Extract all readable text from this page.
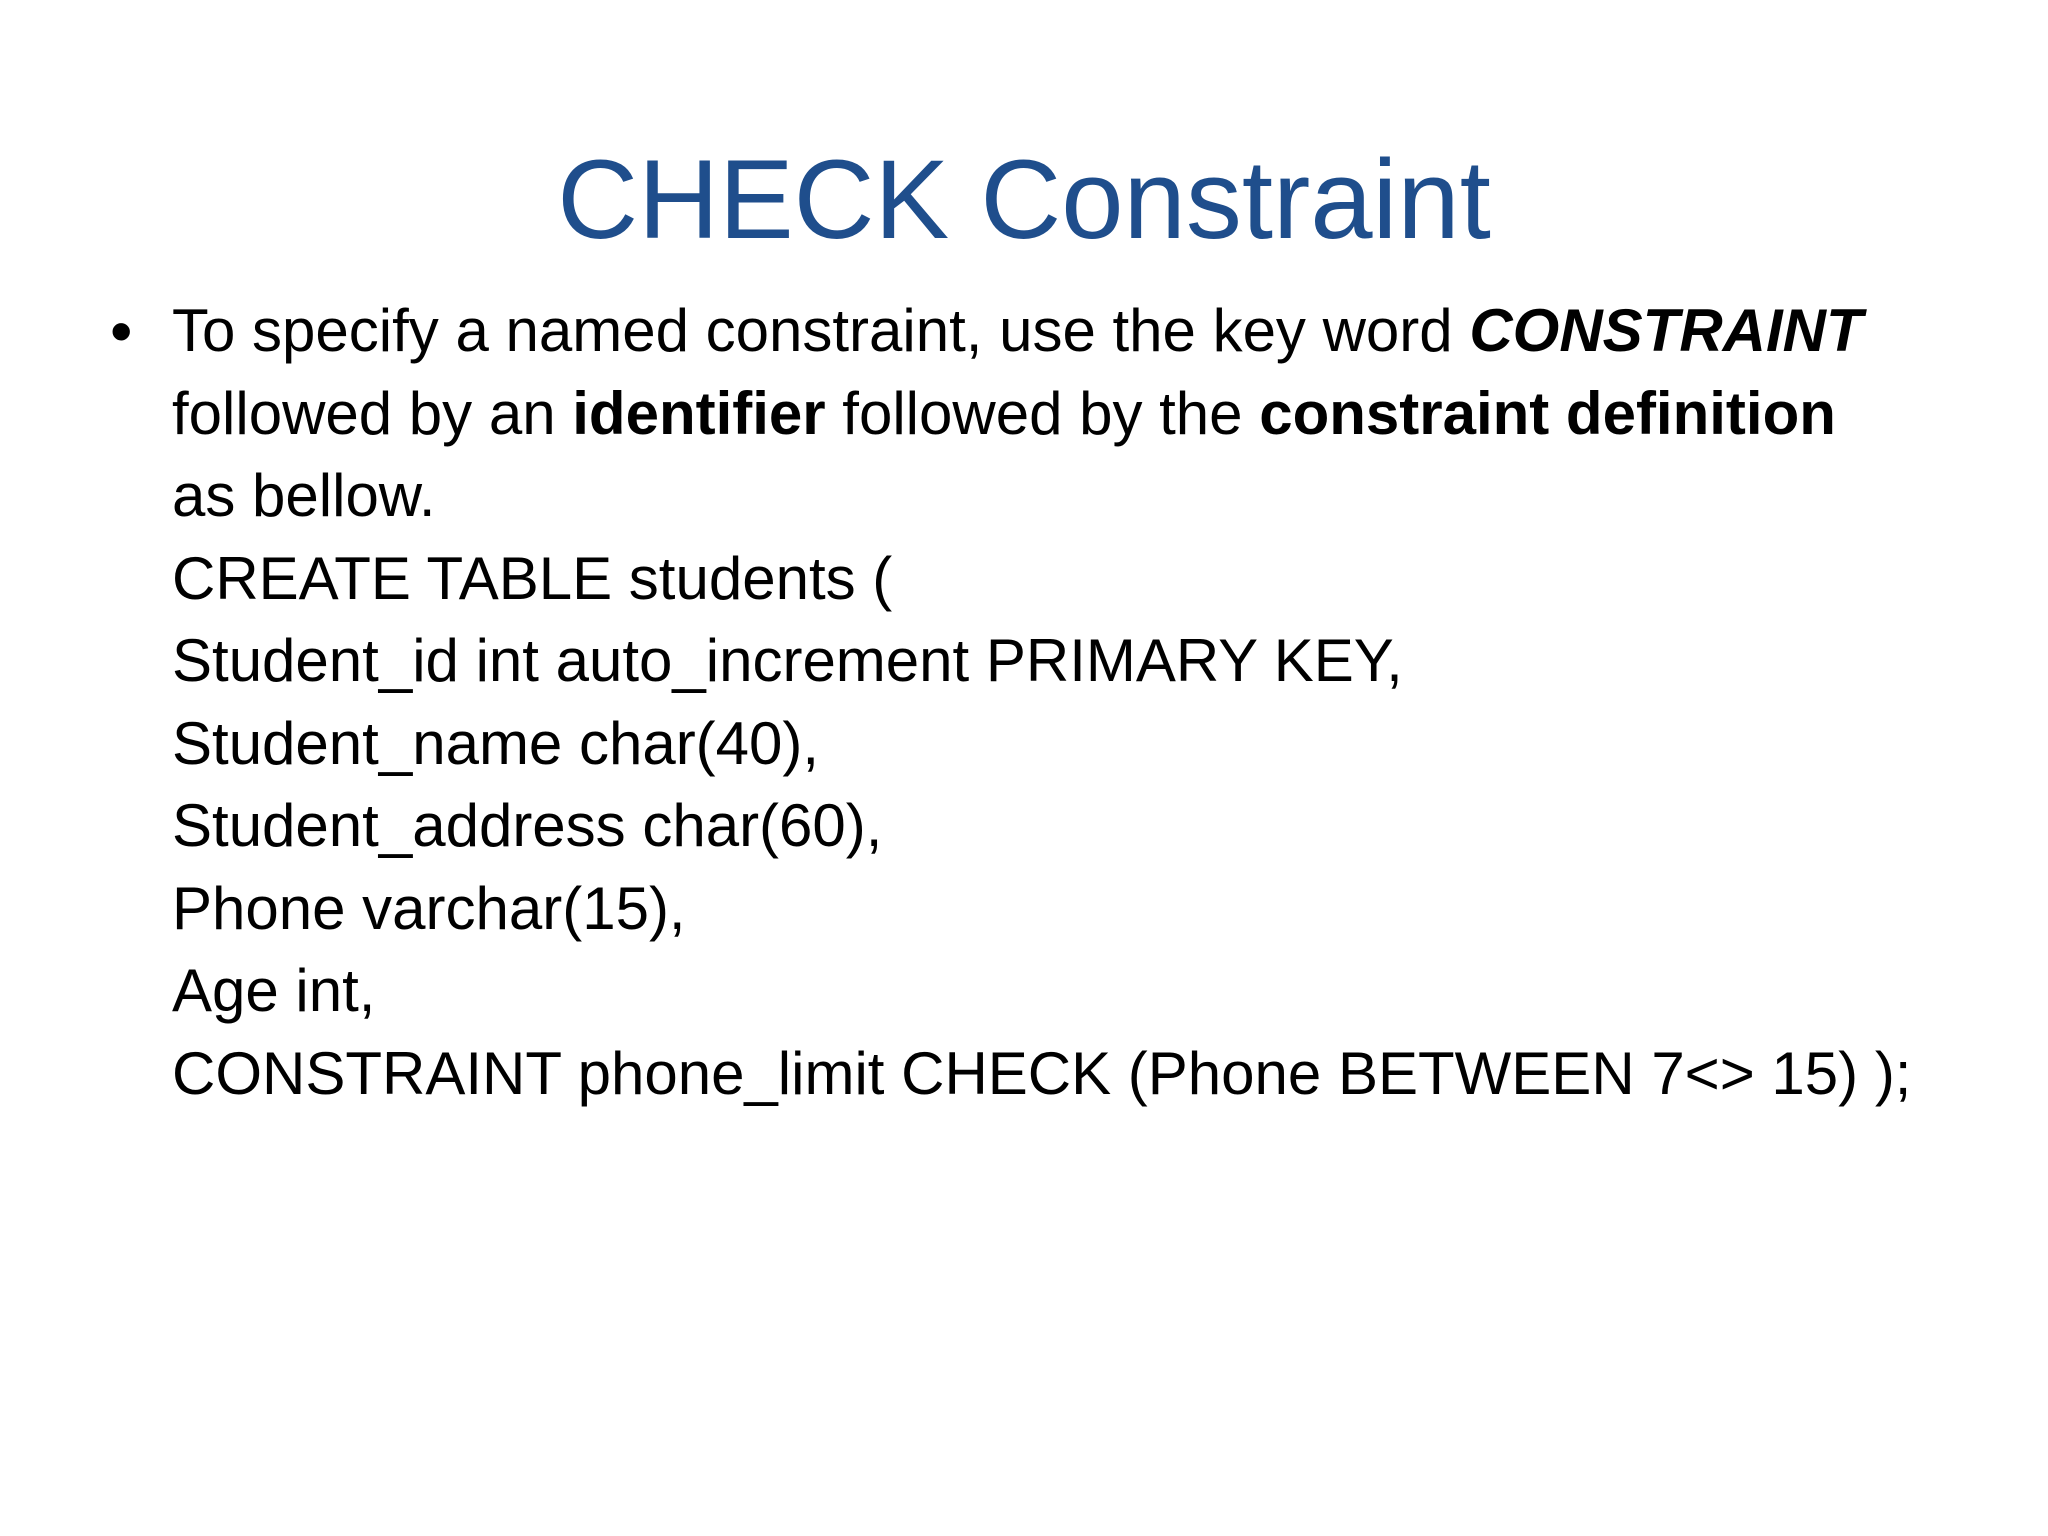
CHECK Constraint
• To specify a named constraint, use the key word CONSTRAINT
followed by an identifier followed by the constraint definition
as bellow.
CREATE TABLE students (
Student_id int auto_increment PRIMARY KEY,
Student_name char(40),
Student_address char(60),
Phone varchar(15),
Age int,
CONSTRAINT phone_limit CHECK (Phone BETWEEN 7<> 15) );
